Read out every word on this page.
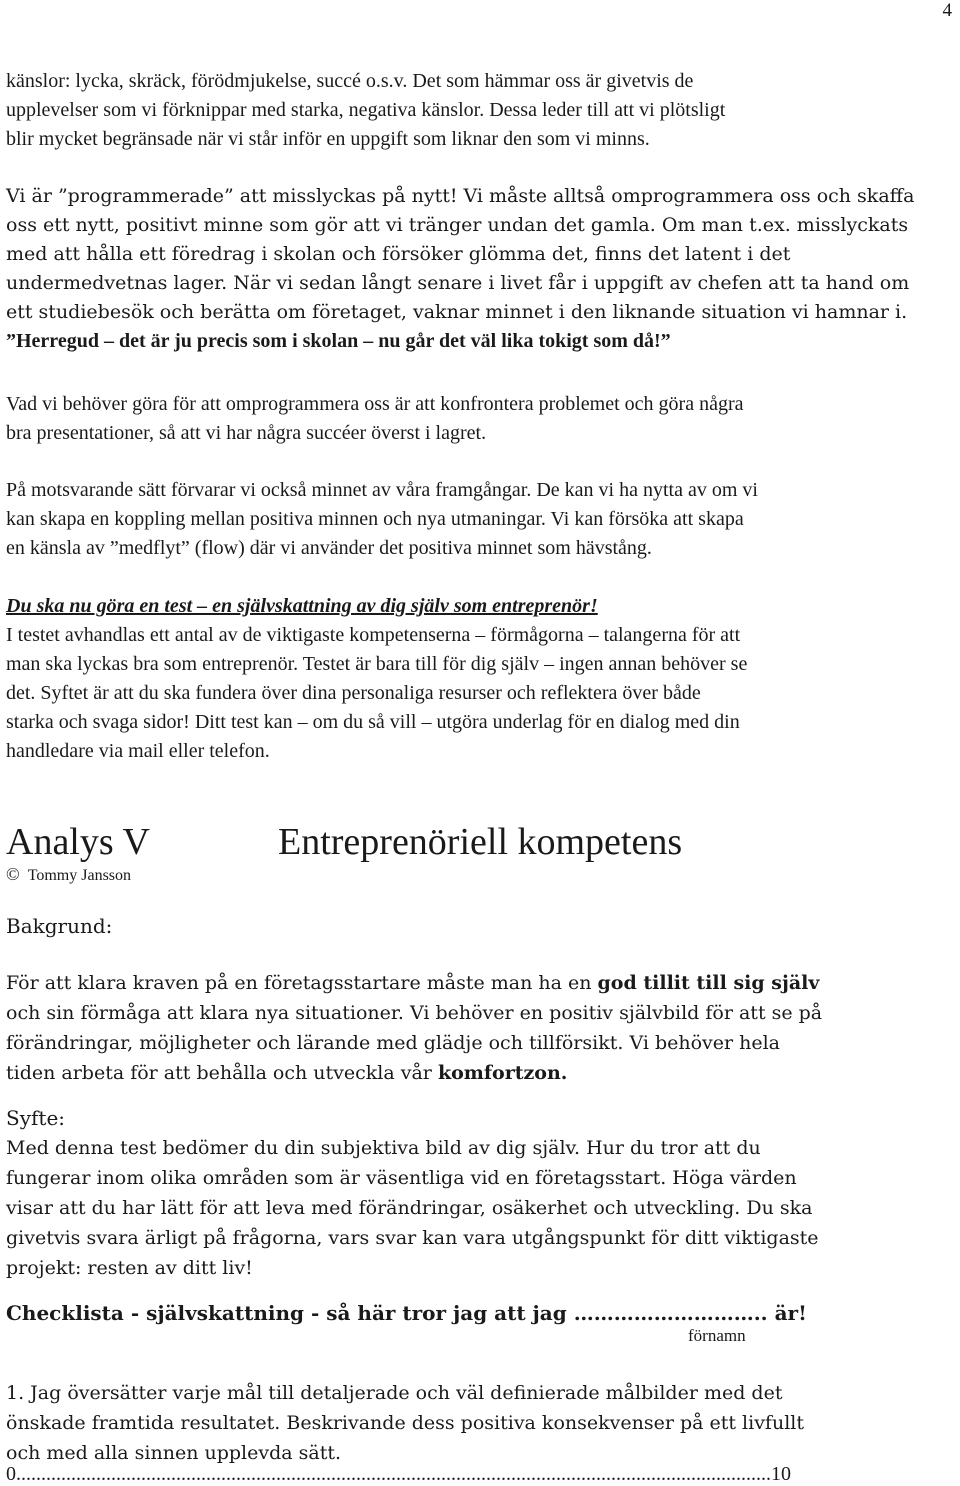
4
känslor: lycka, skräck, förödmjukelse, succé o.s.v. Det som hämmar oss är givetvis de
upplevelser som vi förknippar med starka, negativa känslor. Dessa leder till att vi plötsligt
blir mycket begränsade när vi står inför en uppgift som liknar den som vi minns.
Vi är ”programmerade” att misslyckas på nytt! Vi måste alltså omprogrammera oss och skaffa
oss ett nytt, positivt minne som gör att vi tränger undan det gamla. Om man t.ex. misslyckats
med att hålla ett föredrag i skolan och försöker glömma det, finns det latent i det
undermedvetnas lager. När vi sedan långt senare i livet får i uppgift av chefen att ta hand om
ett studiebesök och berätta om företaget, vaknar minnet i den liknande situation vi hamnar i.
”Herregud – det är ju precis som i skolan – nu går det väl lika tokigt som då!”
Vad vi behöver göra för att omprogrammera oss är att konfrontera problemet och göra några
bra presentationer, så att vi har några succéer överst i lagret.
På motsvarande sätt förvarar vi också minnet av våra framgångar. De kan vi ha nytta av om vi
kan skapa en koppling mellan positiva minnen och nya utmaningar. Vi kan försöka att skapa
en känsla av ”medflyt” (flow) där vi använder det positiva minnet som hävstång.
Du ska nu göra en test – en självskattning av dig själv som entreprenör!
I testet avhandlas ett antal av de viktigaste kompetenserna – förmågorna – talangerna för att
man ska lyckas bra som entreprenör. Testet är bara till för dig själv – ingen annan behöver se
det. Syftet är att du ska fundera över dina personaliga resurser och reflektera över både
starka och svaga sidor! Ditt test kan – om du så vill – utgöra underlag för en dialog med din
handledare via mail eller telefon.
Analys V	Entreprenöriell kompetens
© Tommy Jansson
Bakgrund:
För att klara kraven på en företagsstartare måste man ha en god tillit till sig själv
och sin förmåga att klara nya situationer. Vi behöver en positiv självbild för att se på
förändringar, möjligheter och lärande med glädje och tillförsikt. Vi behöver hela
tiden arbeta för att behålla och utveckla vår komfortzon.
Syfte:
Med denna test bedömer du din subjektiva bild av dig själv. Hur du tror att du
fungerar inom olika områden som är väsentliga vid en företagsstart. Höga värden
visar att du har lätt för att leva med förändringar, osäkerhet och utveckling. Du ska
givetvis svara ärligt på frågorna, vars svar kan vara utgångspunkt för ditt viktigaste
projekt: resten av ditt liv!
Checklista - självskattning - så här tror jag att jag ……………………….. är!
förnamn
1. Jag översätter varje mål till detaljerade och väl definierade målbilder med det
önskade framtida resultatet. Beskrivande dess positiva konsekvenser på ett livfullt
och med alla sinnen upplevda sätt.
0.......................................................................................................................................................10
